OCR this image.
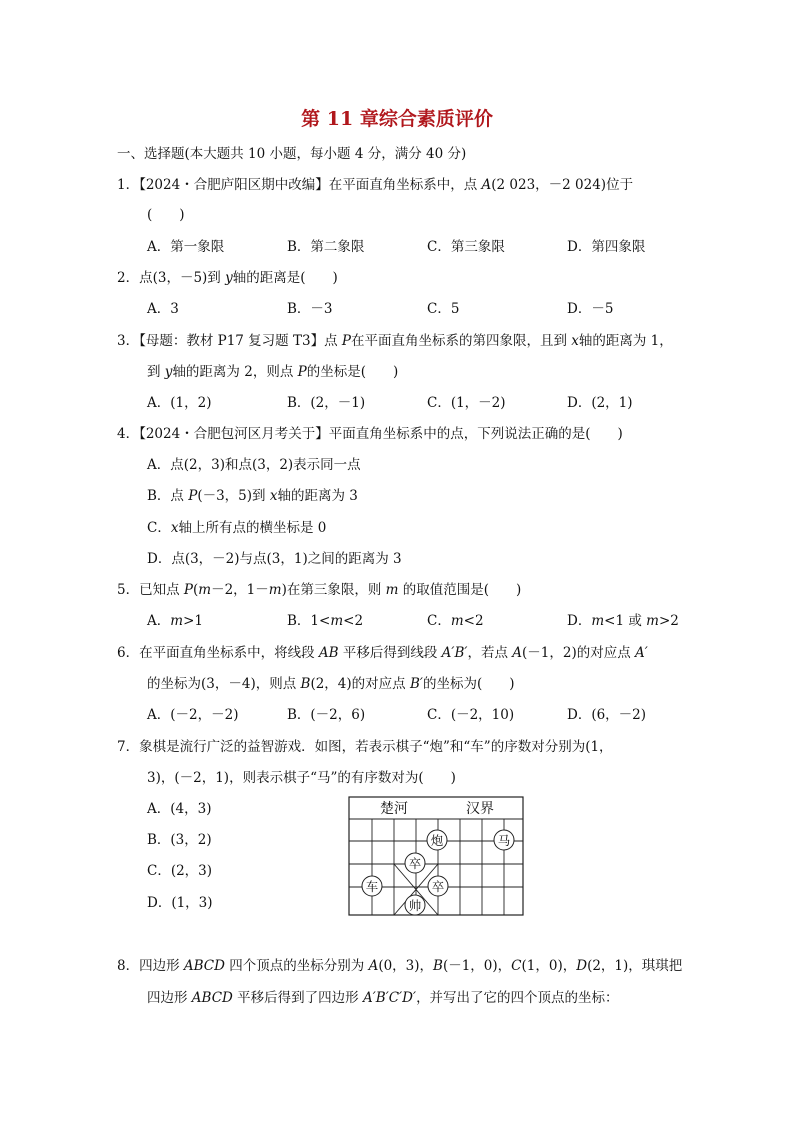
第 11 章综合素质评价
一、选择题(本大题共 10 小题，每小题 4 分，满分 40 分)
1．【2024・合肥庐阳区期中改编】在平面直角坐标系中，点 A(2 023，－2 024)位于
(　　)
A．第一象限	B．第二象限	C．第三象限	D．第四象限
2．点(3，－5)到 y轴的距离是(　　)
A．3	B．－3	C．5	D．－5
3．【母题：教材 P17 复习题 T3】点 P在平面直角坐标系的第四象限，且到 x轴的距离为 1，
到 y轴的距离为 2，则点 P的坐标是(　　)
A．(1，2)	B．(2，－1)	C．(1，－2)	D．(2，1)
4．【2024・合肥包河区月考关于】平面直角坐标系中的点，下列说法正确的是(　　)
A．点(2，3)和点(3，2)表示同一点
B．点 P(－3，5)到 x轴的距离为 3
C．x轴上所有点的横坐标是 0
D．点(3，－2)与点(3，1)之间的距离为 3
5．已知点 P(m－2，1－m)在第三象限，则 m 的取值范围是(　　)
A．m>1	B．1<m<2	C．m<2	D．m<1 或 m>2
6．在平面直角坐标系中，将线段 AB 平移后得到线段 A′B′，若点 A(－1，2)的对应点 A′
的坐标为(3，－4)，则点 B(2，4)的对应点 B′的坐标为(　　)
A．(－2，－2)	B．(－2，6)	C．(－2，10)	D．(6，－2)
7．象棋是流行广泛的益智游戏．如图，若表示棋子“炮”和“车”的序数对分别为(1，
3)，(－2，1)，则表示棋子“马”的有序数对为(　　)
A．(4，3)
B．(3，2)
C．(2，3)
D．(1，3)
楚河	汉界
炮	马
卒
车	卒
帅
8．四边形 ABCD 四个顶点的坐标分别为 A(0，3)，B(－1，0)，C(1，0)，D(2，1)，琪琪把
四边形 ABCD 平移后得到了四边形 A′B′C′D′，并写出了它的四个顶点的坐标：
